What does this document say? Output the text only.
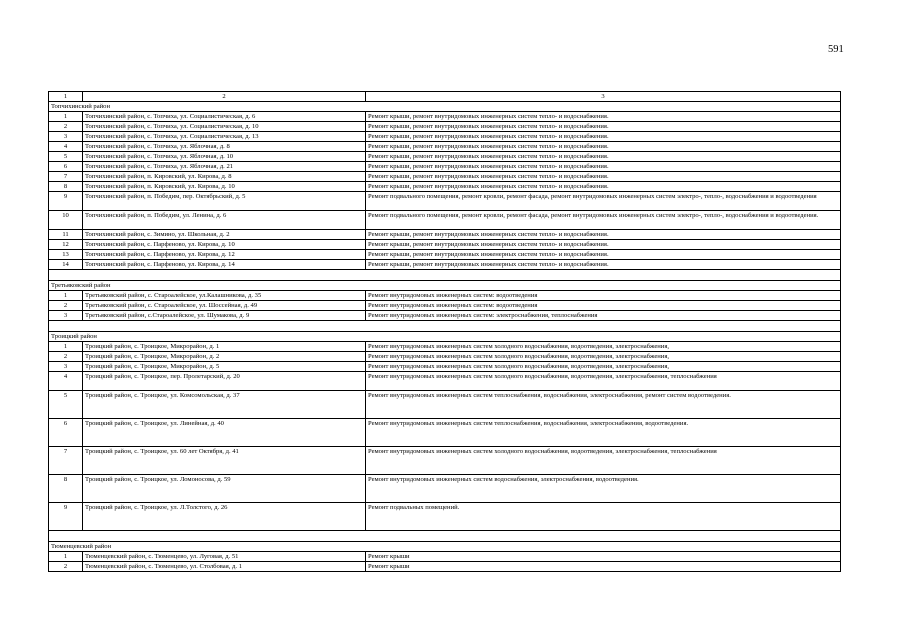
591
1	2	3
Топчихинский район		
1	Топчихинский район, с. Топчиха, ул. Социалистическая, д. 6	Ремонт крыши, ремонт внутридомовых инженерных систем тепло- и водоснабжения.
2	Топчихинский район, с. Топчиха, ул. Социалистическая, д. 10	Ремонт крыши, ремонт внутридомовых инженерных систем тепло- и водоснабжения.
3	Топчихинский район, с. Топчиха, ул. Социалистическая, д. 13	Ремонт крыши, ремонт внутридомовых инженерных систем тепло- и водоснабжения.
4	Топчихинский район, с. Топчиха, ул. Яблочная, д. 8	Ремонт крыши, ремонт внутридомовых инженерных систем тепло- и водоснабжения.
5	Топчихинский район, с. Топчиха, ул. Яблочная, д. 10	Ремонт крыши, ремонт внутридомовых инженерных систем тепло- и водоснабжения.
6	Топчихинский район, с. Топчиха, ул. Яблочная, д. 21	Ремонт крыши, ремонт внутридомовых инженерных систем тепло- и водоснабжения.
7	Топчихинский район, п. Кировский, ул. Кирова, д. 8	Ремонт крыши, ремонт внутридомовых инженерных систем тепло- и водоснабжения.
8	Топчихинский район, п. Кировский, ул. Кирова, д. 10	Ремонт крыши, ремонт внутридомовых инженерных систем тепло- и водоснабжения.
9	Топчихинский район, п. Победим, пер. Октябрьский, д. 5	Ремонт подвального помещения, ремонт кровли, ремонт фасада, ремонт внутридомовых инженерных систем электро-, тепло-, водоснабжения и водоотведения
10	Топчихинский район, п. Победим, ул. Ленина, д. 6	Ремонт подвального помещения, ремонт кровли, ремонт фасада, ремонт внутридомовых инженерных систем электро-, тепло-, водоснабжения и водоотведения.
11	Топчихинский район, с. Зимино, ул. Школьная, д. 2	Ремонт крыши, ремонт внутридомовых инженерных систем тепло- и водоснабжения.
12	Топчихинский район, с. Парфеново, ул. Кирова, д. 10	Ремонт крыши, ремонт внутридомовых инженерных систем тепло- и водоснабжения.
13	Топчихинский район, с. Парфеново, ул. Кирова, д. 12	Ремонт крыши, ремонт внутридомовых инженерных систем тепло- и водоснабжения.
14	Топчихинский район, с. Парфеново, ул. Кирова, д. 14	Ремонт крыши, ремонт внутридомовых инженерных систем тепло- и водоснабжения.

Третьяковский район		
1	Третьяковский район, с. Староалейское, ул.Калашникова, д. 35	Ремонт внутридомовых инженерных систем: водоотведения
2	Третьяковский район, с. Староалейское, ул. Шоссейная, д. 49	Ремонт внутридомовых инженерных систем: водоотведения
3	Третьяковский район, с.Староалейское, ул. Шумакова, д. 9	Ремонт внутридомовых инженерных систем: электроснабжения, теплоснабжения

Троицкий район		
1	Троицкий район, с. Троицкое, Микрорайон, д. 1	Ремонт внутридомовых инженерных систем холодного водоснабжения, водоотведения, электроснабжения,
2	Троицкий район, с. Троицкое, Микрорайон, д. 2	Ремонт внутридомовых инженерных систем холодного водоснабжения, водоотведения, электроснабжения,
3	Троицкий район, с. Троицкое, Микрорайон, д. 5	Ремонт внутридомовых инженерных систем холодного водоснабжения, водоотведения, электроснабжения,
4	Троицкий район, с. Троицкое, пер. Пролетарский, д. 20	Ремонт внутридомовых инженерных систем холодного водоснабжения, водоотведения, электроснабжения, теплоснабжения
5	Троицкий район, с. Троицкое, ул. Комсомольская, д. 37	Ремонт внутридомовых инженерных систем теплоснабжения, водоснабжения, электроснабжения, ремонт систем водоотведения.
6	Троицкий район, с. Троицкое, ул. Линейная, д. 40	Ремонт внутридомовых инженерных систем теплоснабжения, водоснабжения, электроснабжения, водоотведения.
7	Троицкий район, с. Троицкое, ул. 60 лет Октября, д. 41	Ремонт внутридомовых инженерных систем холодного водоснабжения, водоотведения, электроснабжения, теплоснабжения
8	Троицкий район, с. Троицкое, ул. Ломоносова, д. 59	Ремонт внутридомовых инженерных систем водоснабжения, электроснабжения, водоотведения.
9	Троицкий район, с. Троицкое, ул. Л.Толстого, д. 26	Ремонт подвальных помещений.

Тюменцевский район		
1	Тюменцевский район, с. Тюменцево, ул. Луговая, д. 51	Ремонт крыши
2	Тюменцевский район, с. Тюменцево, ул. Столбовая, д. 1	Ремонт крыши
